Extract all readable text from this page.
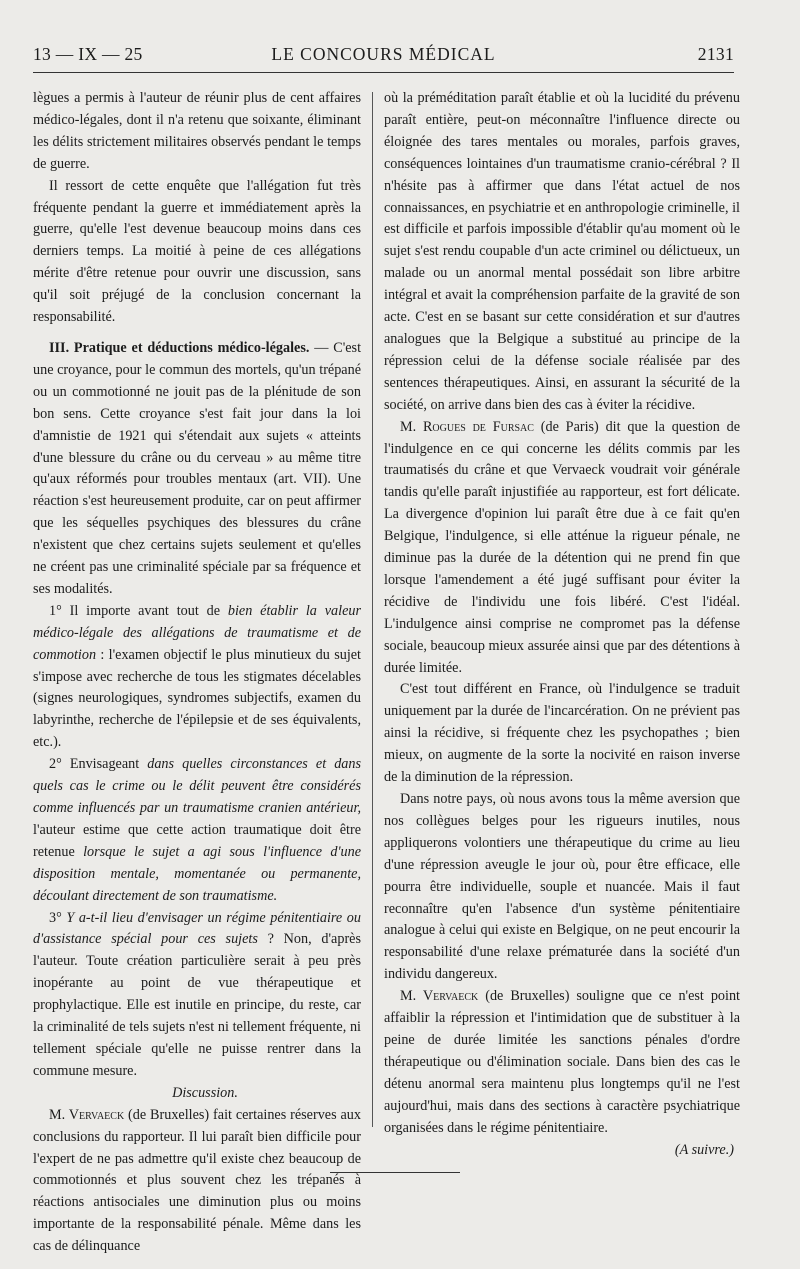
13 — IX — 25	LE CONCOURS MÉDICAL	2131

lègues a permis à l'auteur de réunir plus de cent affaires médico-légales, dont il n'a retenu que soixante, éliminant les délits strictement militaires observés pendant le temps de guerre.

Il ressort de cette enquête que l'allégation fut très fréquente pendant la guerre et immédiatement après la guerre, qu'elle l'est devenue beaucoup moins dans ces derniers temps. La moitié à peine de ces allégations mérite d'être retenue pour ouvrir une discussion, sans qu'il soit préjugé de la conclusion concernant la responsabilité.

III. Pratique et déductions médico-légales. — C'est une croyance, pour le commun des mortels, qu'un trépané ou un commotionné ne jouit pas de la plénitude de son bon sens. Cette croyance s'est fait jour dans la loi d'amnistie de 1921 qui s'étendait aux sujets « atteints d'une blessure du crâne ou du cerveau » au même titre qu'aux réformés pour troubles mentaux (art. VII). Une réaction s'est heureusement produite, car on peut affirmer que les séquelles psychiques des blessures du crâne n'existent que chez certains sujets seulement et qu'elles ne créent pas une criminalité spéciale par sa fréquence et ses modalités.

1° Il importe avant tout de bien établir la valeur médico-légale des allégations de traumatisme et de commotion : l'examen objectif le plus minutieux du sujet s'impose avec recherche de tous les stigmates décelables (signes neurologiques, syndromes subjectifs, examen du labyrinthe, recherche de l'épilepsie et de ses équivalents, etc.).

2° Envisageant dans quelles circonstances et dans quels cas le crime ou le délit peuvent être considérés comme influencés par un traumatisme cranien antérieur, l'auteur estime que cette action traumatique doit être retenue lorsque le sujet a agi sous l'influence d'une disposition mentale, momentanée ou permanente, découlant directement de son traumatisme.

3° Y a-t-il lieu d'envisager un régime pénitentiaire ou d'assistance spécial pour ces sujets ? Non, d'après l'auteur. Toute création particulière serait à peu près inopérante au point de vue thérapeutique et prophylactique. Elle est inutile en principe, du reste, car la criminalité de tels sujets n'est ni tellement fréquente, ni tellement spéciale qu'elle ne puisse rentrer dans la commune mesure.

Discussion.

M. Vervaeck (de Bruxelles) fait certaines réserves aux conclusions du rapporteur. Il lui paraît bien difficile pour l'expert de ne pas admettre qu'il existe chez beaucoup de commotionnés et plus souvent chez les trépanés à réactions antisociales une diminution plus ou moins importante de la responsabilité pénale. Même dans les cas de délinquance

où la préméditation paraît établie et où la lucidité du prévenu paraît entière, peut-on méconnaître l'influence directe ou éloignée des tares mentales ou morales, parfois graves, conséquences lointaines d'un traumatisme cranio-cérébral ? Il n'hésite pas à affirmer que dans l'état actuel de nos connaissances, en psychiatrie et en anthropologie criminelle, il est difficile et parfois impossible d'établir qu'au moment où le sujet s'est rendu coupable d'un acte criminel ou délictueux, un malade ou un anormal mental possédait son libre arbitre intégral et avait la compréhension parfaite de la gravité de son acte. C'est en se basant sur cette considération et sur d'autres analogues que la Belgique a substitué au principe de la répression celui de la défense sociale réalisée par des sentences thérapeutiques. Ainsi, en assurant la sécurité de la société, on arrive dans bien des cas à éviter la récidive.

M. Rogues de Fursac (de Paris) dit que la question de l'indulgence en ce qui concerne les délits commis par les traumatisés du crâne et que Vervaeck voudrait voir générale tandis qu'elle paraît injustifiée au rapporteur, est fort délicate. La divergence d'opinion lui paraît être due à ce fait qu'en Belgique, l'indulgence, si elle atténue la rigueur pénale, ne diminue pas la durée de la détention qui ne prend fin que lorsque l'amendement a été jugé suffisant pour éviter la récidive de l'individu une fois libéré. C'est l'idéal. L'indulgence ainsi comprise ne compromet pas la défense sociale, beaucoup mieux assurée ainsi que par des détentions à durée limitée.

C'est tout différent en France, où l'indulgence se traduit uniquement par la durée de l'incarcération. On ne prévient pas ainsi la récidive, si fréquente chez les psychopathes ; bien mieux, on augmente de la sorte la nocivité en raison inverse de la diminution de la répression.

Dans notre pays, où nous avons tous la même aversion que nos collègues belges pour les rigueurs inutiles, nous appliquerons volontiers une thérapeutique du crime au lieu d'une répression aveugle le jour où, pour être efficace, elle pourra être individuelle, souple et nuancée. Mais il faut reconnaître qu'en l'absence d'un système pénitentiaire analogue à celui qui existe en Belgique, on ne peut encourir la responsabilité d'une relaxe prématurée dans la société d'un individu dangereux.

M. Vervaeck (de Bruxelles) souligne que ce n'est point affaiblir la répression et l'intimidation que de substituer à la peine de durée limitée les sanctions pénales d'ordre thérapeutique ou d'élimination sociale. Dans bien des cas le détenu anormal sera maintenu plus longtemps qu'il ne l'est aujourd'hui, mais dans des sections à caractère psychiatrique organisées dans le régime pénitentiaire.

(A suivre.)
